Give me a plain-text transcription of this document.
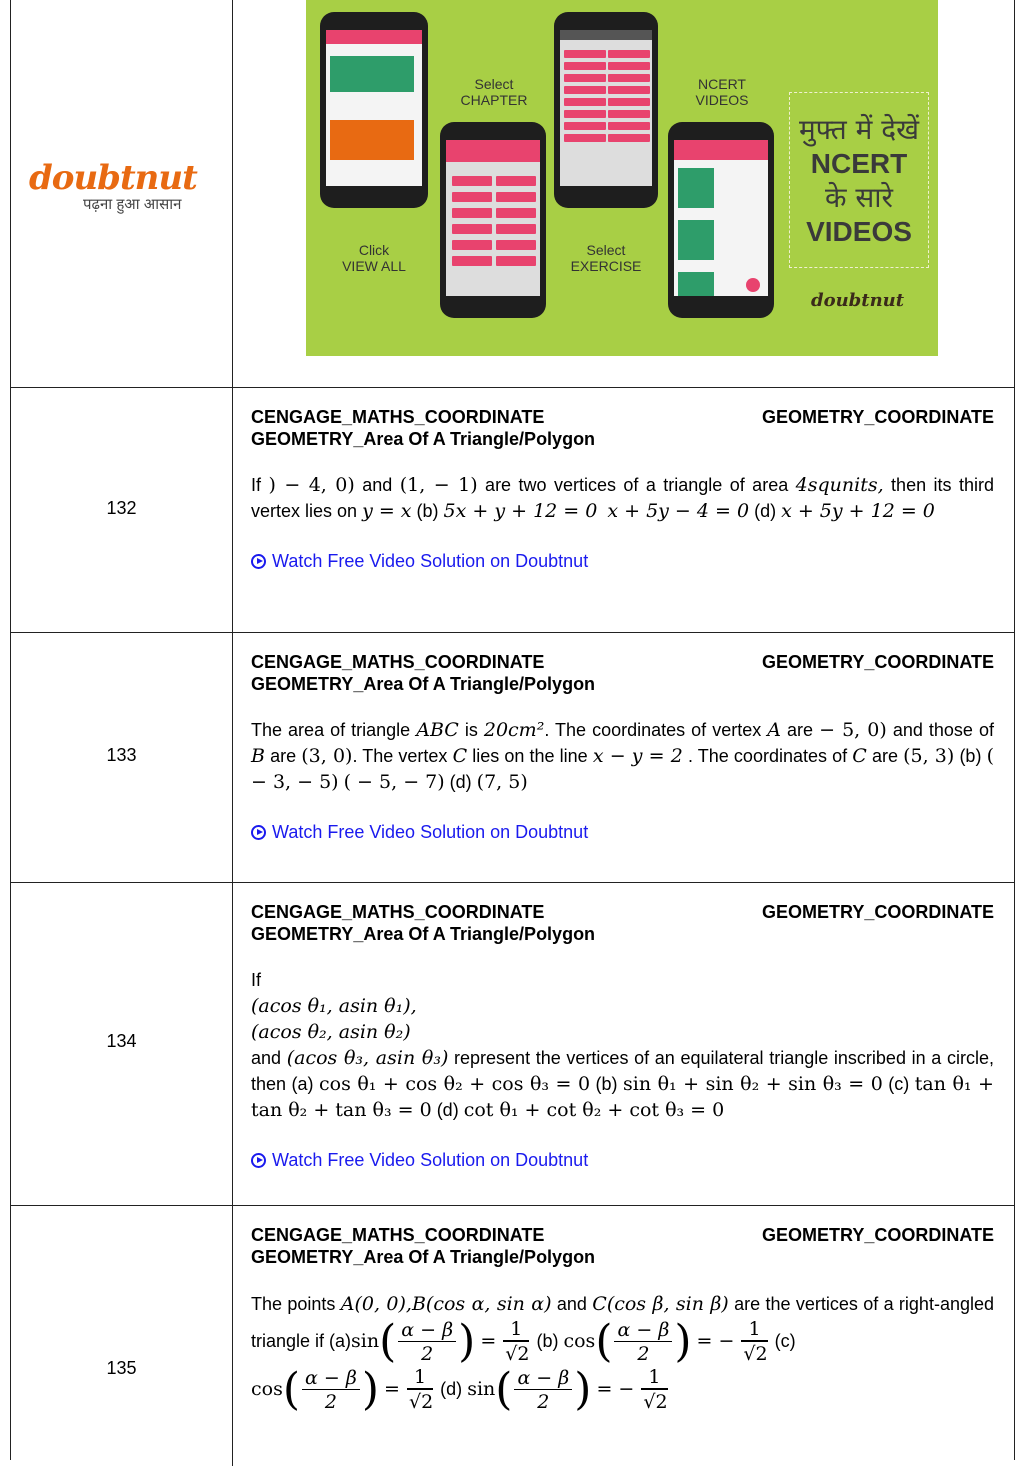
doubtnut
पढ़ना हुआ आसान
Select
CHAPTER
NCERT
VIDEOS
Click
VIEW ALL
Select
EXERCISE
मुफ्त में देखें
NCERT
के सारे
VIDEOS
doubtnut
132
CENGAGE_MATHS_COORDINATE	GEOMETRY_COORDINATE
GEOMETRY_Area Of A Triangle/Polygon
If ) − 4, 0) and (1, − 1) are two vertices of a triangle of area 4squnits, then its third vertex lies on y = x (b) 5x + y + 12 = 0 x + 5y − 4 = 0 (d) x + 5y + 12 = 0
Watch Free Video Solution on Doubtnut
133
CENGAGE_MATHS_COORDINATE	GEOMETRY_COORDINATE
GEOMETRY_Area Of A Triangle/Polygon
The area of triangle ABC is 20cm². The coordinates of vertex A are − 5, 0) and those of B are (3, 0). The vertex C lies on the line x − y = 2 . The coordinates of C are (5, 3) (b) ( − 3, − 5) ( − 5, − 7) (d) (7, 5)
Watch Free Video Solution on Doubtnut
134
CENGAGE_MATHS_COORDINATE	GEOMETRY_COORDINATE
GEOMETRY_Area Of A Triangle/Polygon
If
(acos θ₁, asin θ₁),
(acos θ₂, asin θ₂)
and (acos θ₃, asin θ₃) represent the vertices of an equilateral triangle inscribed in a circle, then (a) cos θ₁ + cos θ₂ + cos θ₃ = 0 (b) sin θ₁ + sin θ₂ + sin θ₃ = 0 (c) tan θ₁ + tan θ₂ + tan θ₃ = 0 (d) cot θ₁ + cot θ₂ + cot θ₃ = 0
Watch Free Video Solution on Doubtnut
135
CENGAGE_MATHS_COORDINATE	GEOMETRY_COORDINATE
GEOMETRY_Area Of A Triangle/Polygon
The points A(0, 0),B(cos α, sin α) and C(cos β, sin β) are the vertices of a right-angled triangle if $(a)\sin( \frac{\alpha - \beta}{2}$ ) = $\frac{1}{√2} (b)$ $\cos( \frac{\alpha - \beta}{2}$ ) = − $\frac{1}{√2} (c)$
$\cos( \frac{\alpha - \beta}{2}$ ) = $\frac{1}{√2} (d)$ $\sin( \frac{\alpha - \beta}{2}$ ) = − $\frac{1}{√2}$
